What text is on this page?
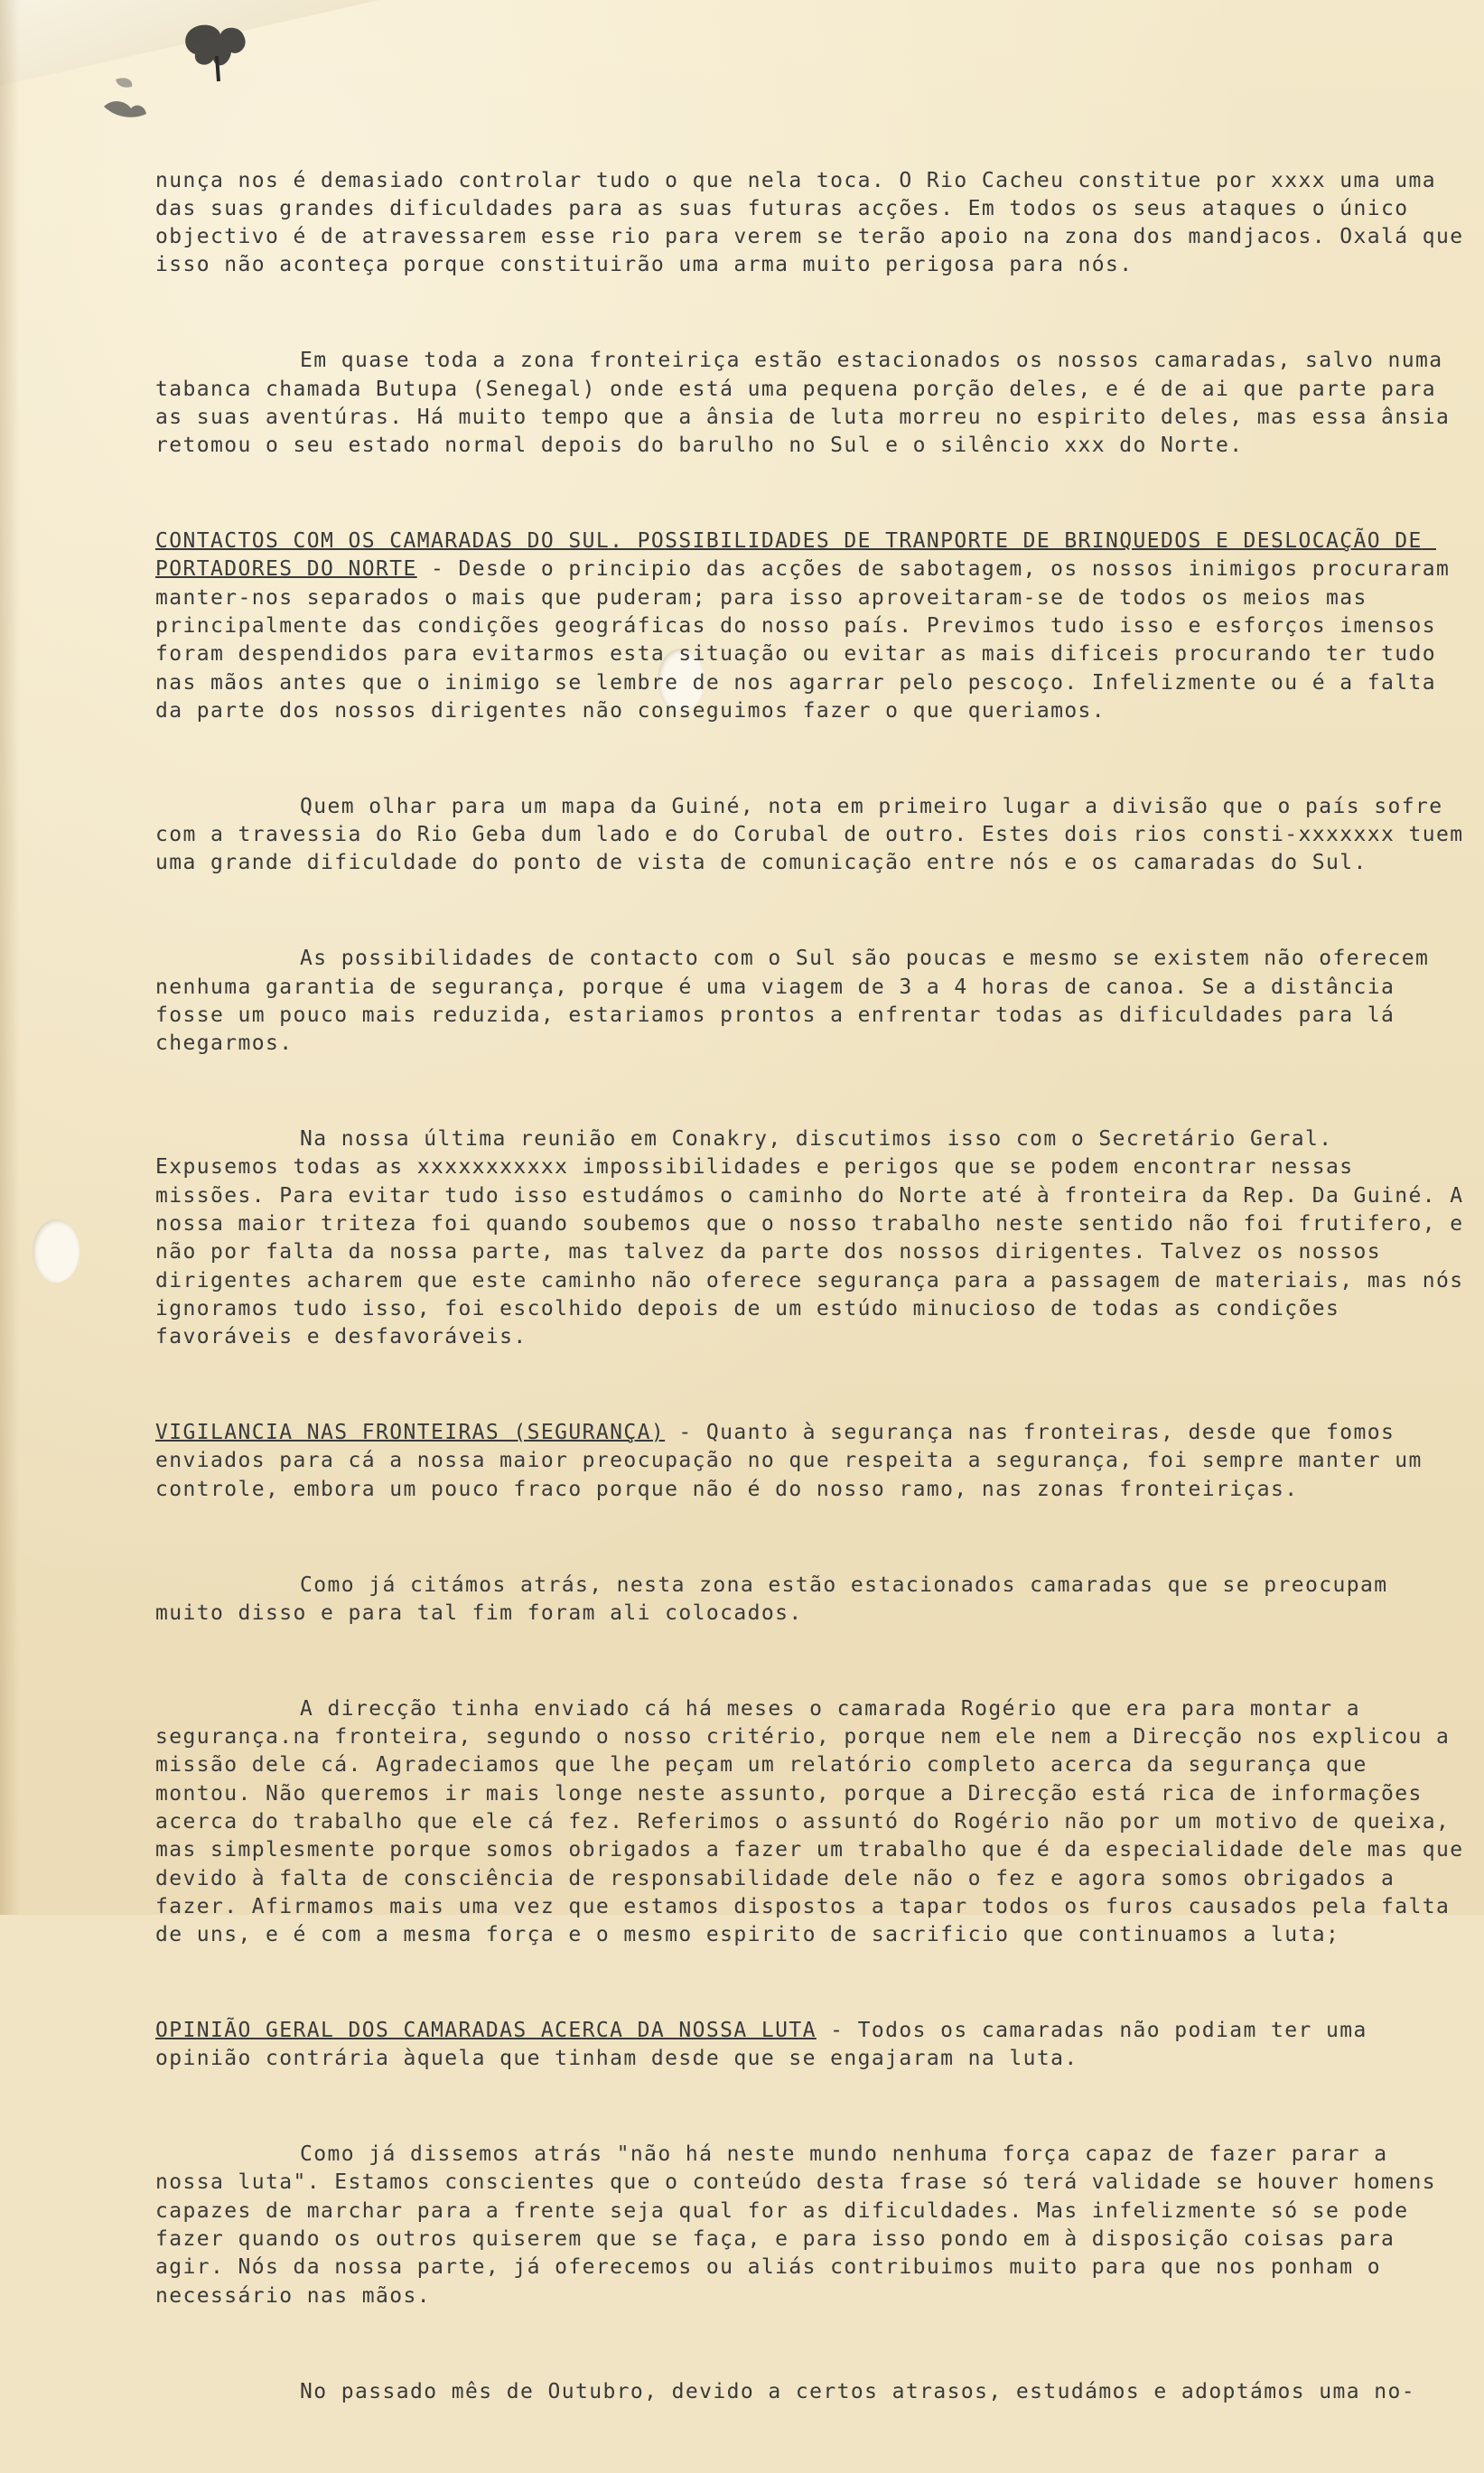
nunça nos é demasiado controlar tudo o que nela toca. O Rio Cacheu constitue por xxxx uma uma das suas grandes dificuldades para as suas futuras acções. Em todos os seus ataques o único objectivo é de atravessarem esse rio para verem se terão apoio na zona dos mandjacos. Oxalá que isso não aconteça porque constituirão uma arma muito perigosa para nós.

Em quase toda a zona fronteiriça estão estacionados os nossos camaradas, salvo numa tabanca chamada Butupa (Senegal) onde está uma pequena porção deles, e é de ai que parte para as suas aventúras. Há muito tempo que a ânsia de luta morreu no espirito deles, mas essa ânsia retomou o seu estado normal depois do barulho no Sul e o silêncio xxx do Norte.

CONTACTOS COM OS CAMARADAS DO SUL. POSSIBILIDADES DE TRANPORTE DE BRINQUEDOS E DESLOCAÇÃO DE PORTADORES DO NORTE - Desde o principio das acções de sabotagem, os nossos inimigos procuraram manter-nos separados o mais que puderam; para isso aproveitaram-se de todos os meios mas principalmente das condições geográficas do nosso país. Previmos tudo isso e esforços imensos foram despendidos para evitarmos esta situação ou evitar as mais dificeis procurando ter tudo nas mãos antes que o inimigo se lembre de nos agarrar pelo pescoço. Infelizmente ou é a falta da parte dos nossos dirigentes não conseguimos fazer o que queriamos.

Quem olhar para um mapa da Guiné, nota em primeiro lugar a divisão que o país sofre com a travessia do Rio Geba dum lado e do Corubal de outro. Estes dois rios consti-xxxxxxx tuem uma grande dificuldade do ponto de vista de comunicação entre nós e os camaradas do Sul.

As possibilidades de contacto com o Sul são poucas e mesmo se existem não oferecem nenhuma garantia de segurança, porque é uma viagem de 3 a 4 horas de canoa. Se a distância fosse um pouco mais reduzida, estariamos prontos a enfrentar todas as dificuldades para lá chegarmos.

Na nossa última reunião em Conakry, discutimos isso com o Secretário Geral. Expusemos todas as xxxxxxxxxxx impossibilidades e perigos que se podem encontrar nessas missões. Para evitar tudo isso estudámos o caminho do Norte até à fronteira da Rep. Da Guiné. A nossa maior triteza foi quando soubemos que o nosso trabalho neste sentido não foi frutifero, e não por falta da nossa parte, mas talvez da parte dos nossos dirigentes. Talvez os nossos dirigentes acharem que este caminho não oferece segurança para a passagem de materiais, mas nós ignoramos tudo isso, foi escolhido depois de um estúdo minucioso de todas as condições favoráveis e desfavoráveis.

VIGILANCIA NAS FRONTEIRAS (SEGURANÇA) - Quanto à segurança nas fronteiras, desde que fomos enviados para cá a nossa maior preocupação no que respeita a segurança, foi sempre manter um controle, embora um pouco fraco porque não é do nosso ramo, nas zonas fronteiriças.

Como já citámos atrás, nesta zona estão estacionados camaradas que se preocupam muito disso e para tal fim foram ali colocados.

A direcção tinha enviado cá há meses o camarada Rogério que era para montar a segurança.na fronteira, segundo o nosso critério, porque nem ele nem a Direcção nos explicou a missão dele cá. Agradeciamos que lhe peçam um relatório completo acerca da segurança que montou. Não queremos ir mais longe neste assunto, porque a Direcção está rica de informações acerca do trabalho que ele cá fez. Referimos o assuntó do Rogério não por um motivo de queixa, mas simplesmente porque somos obrigados a fazer um trabalho que é da especialidade dele mas que devido à falta de consciência de responsabilidade dele não o fez e agora somos obrigados a fazer. Afirmamos mais uma vez que estamos dispostos a tapar todos os furos causados pela falta de uns, e é com a mesma força e o mesmo espirito de sacrificio que continuamos a luta;

OPINIÃO GERAL DOS CAMARADAS ACERCA DA NOSSA LUTA - Todos os camaradas não podiam ter uma opinião contrária àquela que tinham desde que se engajaram na luta.

Como já dissemos atrás "não há neste mundo nenhuma força capaz de fazer parar a nossa luta". Estamos conscientes que o conteúdo desta frase só terá validade se houver homens capazes de marchar para a frente seja qual for as dificuldades. Mas infelizmente só se pode fazer quando os outros quiserem que se faça, e para isso pondo em à disposição coisas para agir. Nós da nossa parte, já oferecemos ou aliás contribuimos muito para que nos ponham o necessário nas mãos.

No passado mês de Outubro, devido a certos atrasos, estudámos e adoptámos uma no-
